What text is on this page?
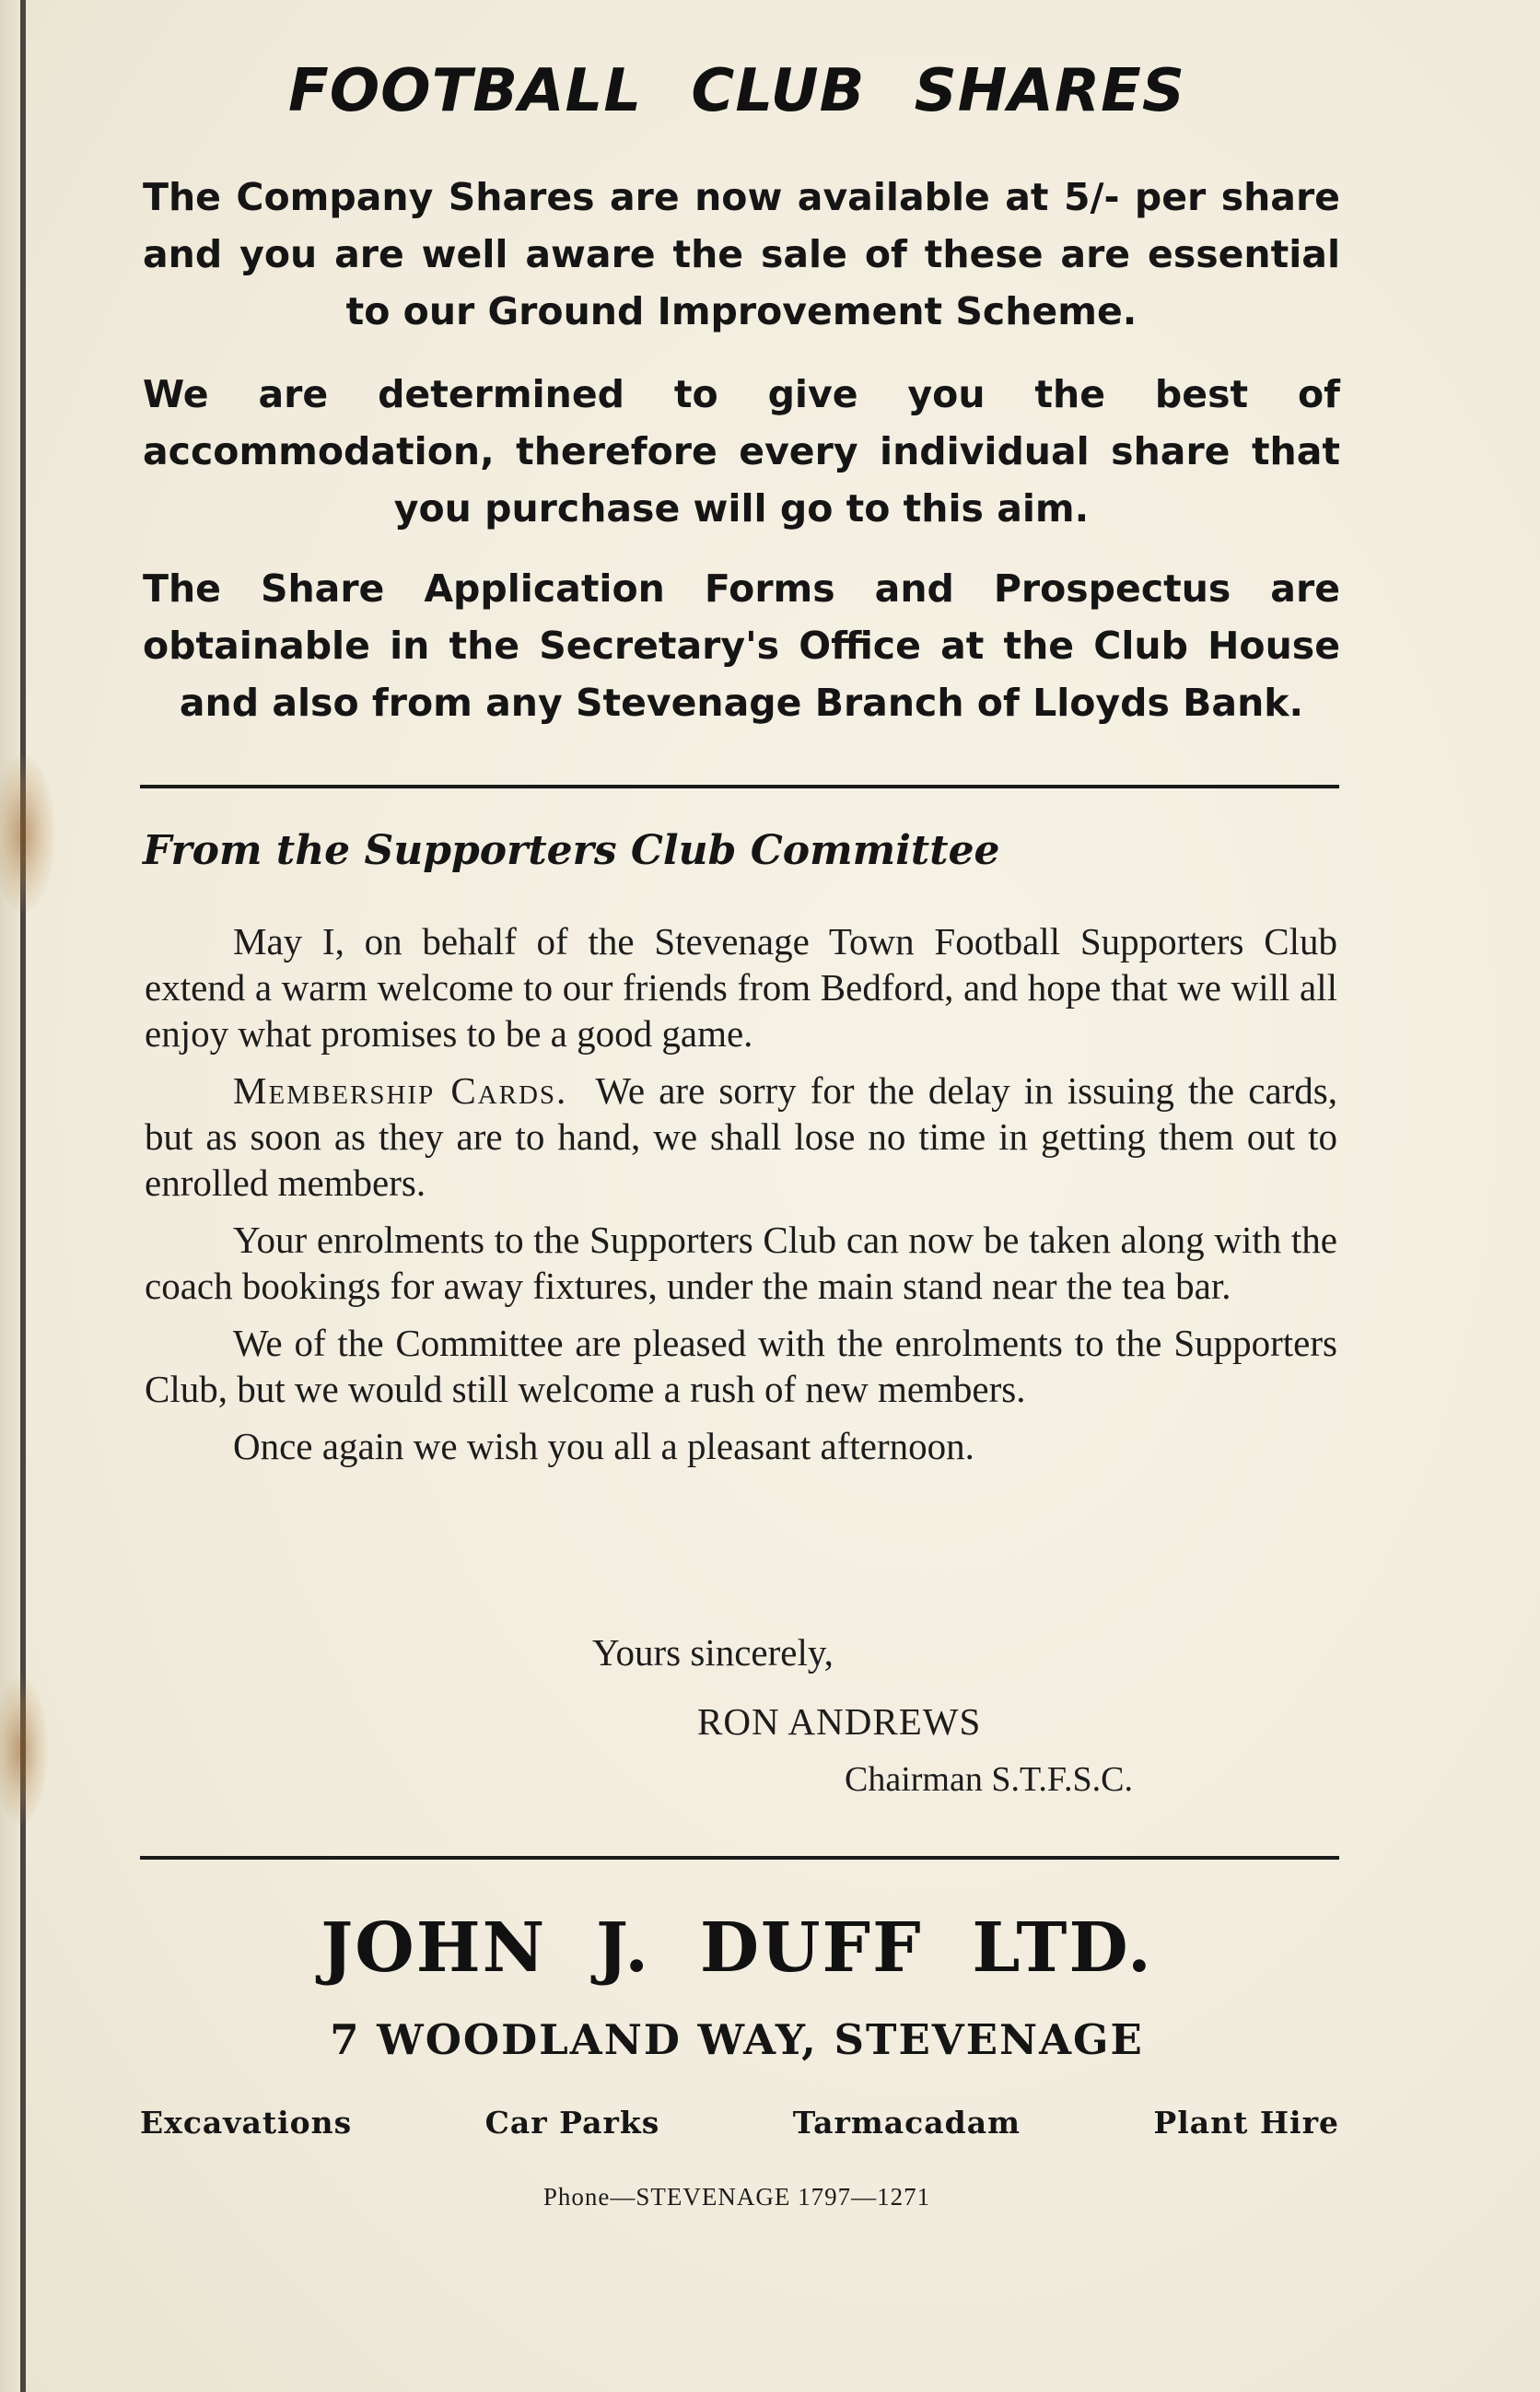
FOOTBALL CLUB SHARES
The Company Shares are now available at 5/- per share and you are well aware the sale of these are essential to our Ground Improvement Scheme.
We are determined to give you the best of accommodation, therefore every individual share that you purchase will go to this aim.
The Share Application Forms and Prospectus are obtainable in the Secretary's Office at the Club House and also from any Stevenage Branch of Lloyds Bank.
From the Supporters Club Committee

May I, on behalf of the Stevenage Town Football Supporters Club extend a warm welcome to our friends from Bedford, and hope that we will all enjoy what promises to be a good game.

Membership Cards. We are sorry for the delay in issuing the cards, but as soon as they are to hand, we shall lose no time in getting them out to enrolled members.

Your enrolments to the Supporters Club can now be taken along with the coach bookings for away fixtures, under the main stand near the tea bar.

We of the Committee are pleased with the enrolments to the Supporters Club, but we would still welcome a rush of new members.

Once again we wish you all a pleasant afternoon.

Yours sincerely,
RON ANDREWS
Chairman S.T.F.S.C.
JOHN J. DUFF LTD.
7 WOODLAND WAY, STEVENAGE
Excavations	Car Parks	Tarmacadam	Plant Hire
Phone—STEVENAGE 1797—1271
